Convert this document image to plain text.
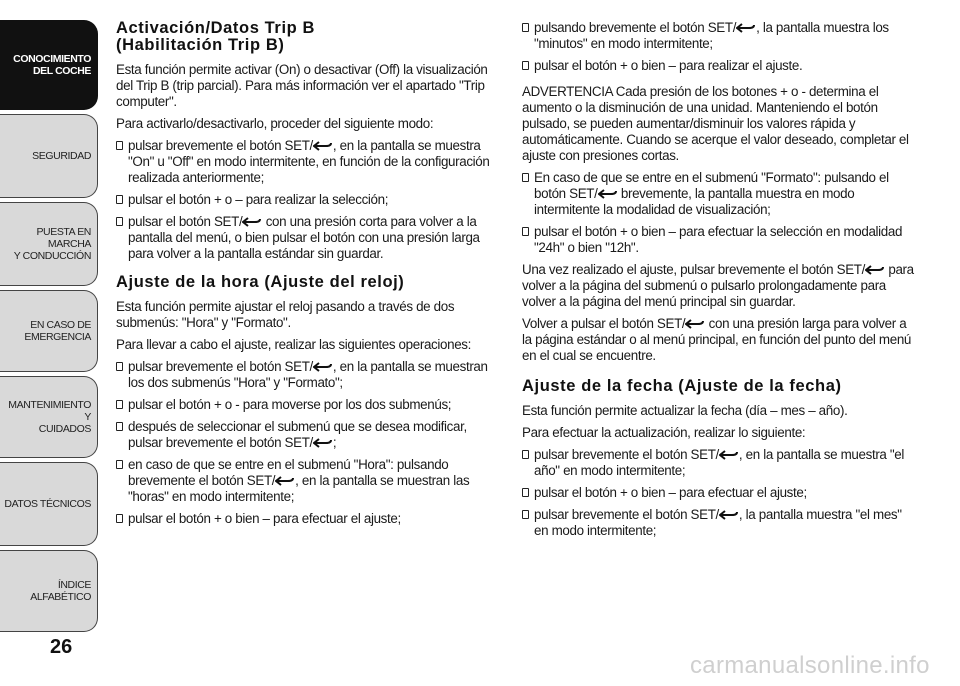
CONOCIMIENTO
DEL COCHE
SEGURIDAD
PUESTA EN MARCHA
Y CONDUCCIÓN
EN CASO DE
EMERGENCIA
MANTENIMIENTO Y
CUIDADOS
DATOS TÉCNICOS
ÍNDICE ALFABÉTICO
26
Activación/Datos Trip B
(Habilitación Trip B)

Esta función permite activar (On) o desactivar (Off) la visualización del Trip B (trip parcial). Para más información ver el apartado "Trip computer".

Para activarlo/desactivarlo, proceder del siguiente modo:

pulsar brevemente el botón SET/ , en la pantalla se muestra "On" u "Off" en modo intermitente, en función de la configuración realizada anteriormente;
pulsar el botón + o – para realizar la selección;
pulsar el botón SET/
con una presión corta para volver a la pantalla del menú, o bien pulsar el botón con una presión larga para volver a la pantalla estándar sin guardar.
Ajuste de la hora (Ajuste del reloj)

Esta función permite ajustar el reloj pasando a través de dos submenús: "Hora" y "Formato".

Para llevar a cabo el ajuste, realizar las siguientes operaciones:

pulsar brevemente el botón SET/ , en la pantalla se muestran los dos submenús "Hora" y "Formato";
pulsar el botón + o - para moverse por los dos submenús;
después de seleccionar el submenú que se desea modificar, pulsar brevemente el botón SET/ ;
en caso de que se entre en el submenú "Hora": pulsando brevemente el botón SET/ , en la pantalla se muestran las "horas" en modo intermitente;
pulsar el botón + o bien – para efectuar el ajuste;
pulsando brevemente el botón SET/ , la pantalla muestra los "minutos" en modo intermitente;
pulsar el botón + o bien – para realizar el ajuste.

ADVERTENCIA Cada presión de los botones + o - determina el aumento o la disminución de una unidad. Manteniendo el botón pulsado, se pueden aumentar/disminuir los valores rápida y automáticamente. Cuando se acerque el valor deseado, completar el ajuste con presiones cortas.

En caso de que se entre en el submenú "Formato": pulsando el botón SET/
brevemente, la pantalla muestra en modo intermitente la modalidad de visualización;
pulsar el botón + o bien – para efectuar la selección en modalidad "24h" o bien "12h".

Una vez realizado el ajuste, pulsar brevemente el botón SET/
para volver a la página del submenú o pulsarlo prolongadamente para volver a la página del menú principal sin guardar.

Volver a pulsar el botón SET/
con una presión larga para volver a la página estándar o al menú principal, en función del punto del menú en el cual se encuentre.

Ajuste de la fecha (Ajuste de la fecha)

Esta función permite actualizar la fecha (día – mes – año).

Para efectuar la actualización, realizar lo siguiente:

pulsar brevemente el botón SET/ , en la pantalla se muestra "el año" en modo intermitente;
pulsar el botón + o bien – para efectuar el ajuste;
pulsar brevemente el botón SET/ , la pantalla muestra "el mes" en modo intermitente;
carmanualsonline.info
